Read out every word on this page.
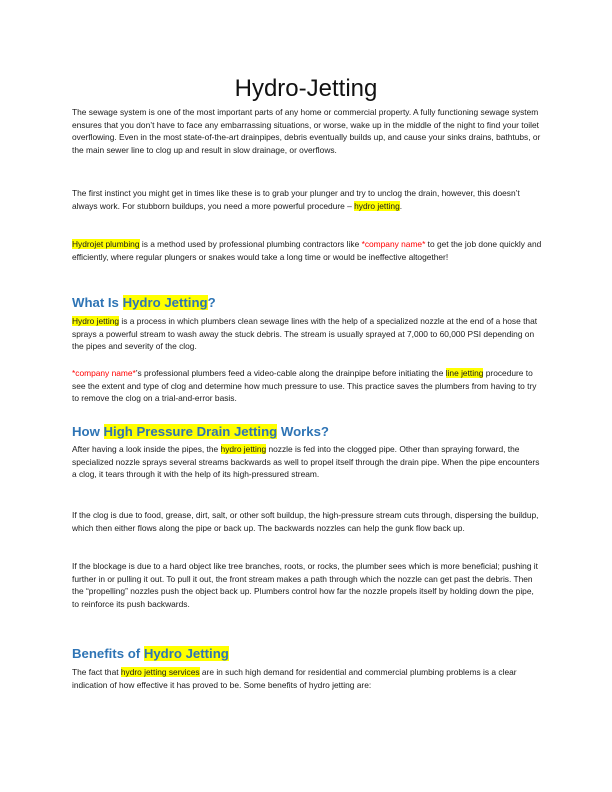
Hydro-Jetting

The sewage system is one of the most important parts of any home or commercial property. A fully functioning sewage system ensures that you don’t have to face any embarrassing situations, or worse, wake up in the middle of the night to find your toilet overflowing. Even in the most state-of-the-art drainpipes, debris eventually builds up, and cause your sinks drains, bathtubs, or the main sewer line to clog up and result in slow drainage, or overflows.

The first instinct you might get in times like these is to grab your plunger and try to unclog the drain, however, this doesn’t always work. For stubborn buildups, you need a more powerful procedure – hydro jetting.

Hydrojet plumbing is a method used by professional plumbing contractors like *company name* to get the job done quickly and efficiently, where regular plungers or snakes would take a long time or would be ineffective altogether!

What Is Hydro Jetting?

Hydro jetting is a process in which plumbers clean sewage lines with the help of a specialized nozzle at the end of a hose that sprays a powerful stream to wash away the stuck debris. The stream is usually sprayed at 7,000 to 60,000 PSI depending on the pipes and severity of the clog.

*company name*’s professional plumbers feed a video-cable along the drainpipe before initiating the line jetting procedure to see the extent and type of clog and determine how much pressure to use. This practice saves the plumbers from having to try to remove the clog on a trial-and-error basis.

How High Pressure Drain Jetting Works?

After having a look inside the pipes, the hydro jetting nozzle is fed into the clogged pipe. Other than spraying forward, the specialized nozzle sprays several streams backwards as well to propel itself through the drain pipe. When the pipe encounters a clog, it tears through it with the help of its high-pressured stream.

If the clog is due to food, grease, dirt, salt, or other soft buildup, the high-pressure stream cuts through, dispersing the buildup, which then either flows along the pipe or back up. The backwards nozzles can help the gunk flow back up.

If the blockage is due to a hard object like tree branches, roots, or rocks, the plumber sees which is more beneficial; pushing it further in or pulling it out. To pull it out, the front stream makes a path through which the nozzle can get past the debris. Then the “propelling” nozzles push the object back up. Plumbers control how far the nozzle propels itself by holding down the pipe, to reinforce its push backwards.

Benefits of Hydro Jetting

The fact that hydro jetting services are in such high demand for residential and commercial plumbing problems is a clear indication of how effective it has proved to be. Some benefits of hydro jetting are:
